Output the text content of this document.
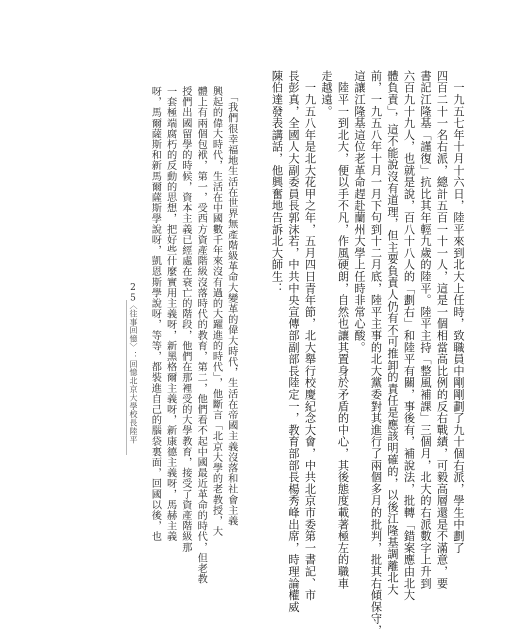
　一九五七年十月十六日，陸平來到北大上任時，致職員中剛剛劃了九十個右派，學生中劃了
四百二十一名右派，總計五百一十一人，這是一個相當高比例的反右戰績，可毅高層還是不滿意，要
書記江隆基「謹復」抗比其年輕九歲的陸平。陸平主持「整風補課」三個月，北大的右派數字上升到
六百九十九人，也就是說，百八十八人的「劃右」和陸平有關，事後有，補說法，批轉「錯案應由北大
體負責」，這不能說沒有道理，但主要負責人仍有不可推卸的責任是應該明確的，以後江隆基調離北大
前，一九五八年十月一月下句到十二月底，陸平主事的北大黨委對其進行了兩個多月的批判，批其右傾保守，
這讓江隆基這位老革命趕赴蘭州大學上任時非常心酸。
　陸平一到北大，便以手不凡，作風硬朗，自然也讓其置身於矛盾的中心，其後態度載著極左的職車
走越遠。
　一九五八年是北大花甲之年，五月四日青年節，北大舉行校慶紀念大會，中共北京市委第一書記、市
長彭真，全國人大副委員長郭沫若，中共中央宣傳部副部長陸定一，教育部部長楊秀峰出席，時理論權威
陳伯達發表講話，他興奮地告訴北大師生：
　「我們很幸福地生活在世界無產階級革命大變革的偉大時代，生活在帝國主義沒落和社會主義
興起的偉大時代，生活在中國數千年來沒有過的大躍進的時代」，他斷言「北京大學的老教授，大
體上有兩個包袱，第一，受西方資產階級沒落時代的教育，第二，他們看不起中國最近革命的時代，但老教
授們出國留學的時候，資本主義已經處在衰亡的階段，他們在那裡受的大學教育，接受了資產階級那
一套極端腐朽的反動的思想，把好些什麼實用主義呀，新黑格爾主義呀，新康德主義呀，馬赫主義
呀，馬爾薩斯和新馬爾薩斯學說呀，凱恩斯學說呀，等等，都裝進自己的腦袋裏面，回國以後，也
25
〈往事回憶〉：回憶北京大學校長陸平
